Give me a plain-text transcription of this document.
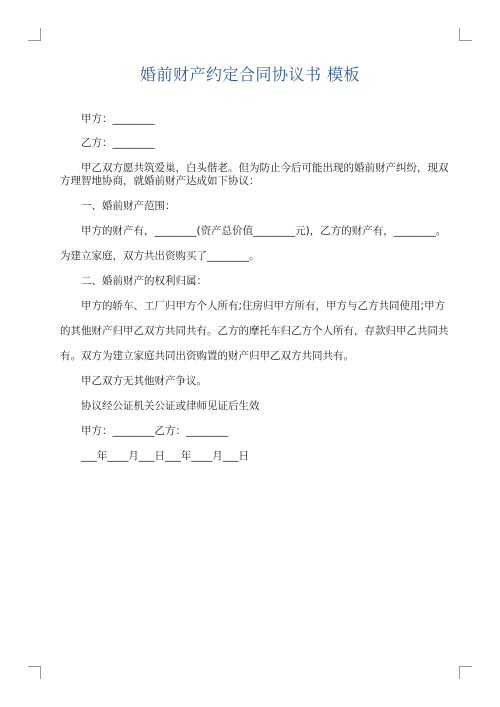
婚前财产约定合同协议书 模板
甲方：________
乙方：________
甲乙双方愿共筑爱巢，白头偕老。但为防止今后可能出现的婚前财产纠纷，现双
方理智地协商，就婚前财产达成如下协议：
一、婚前财产范围：
甲方的财产有，________(资产总价值________元)，乙方的财产有，________。
为建立家庭，双方共出资购买了________。
二、婚前财产的权利归属：
甲方的轿车、工厂归甲方个人所有;住房归甲方所有，甲方与乙方共同使用;甲方
的其他财产归甲乙双方共同共有。乙方的摩托车归乙方个人所有，存款归甲乙共同共
有。双方为建立家庭共同出资购置的财产归甲乙双方共同共有。
甲乙双方无其他财产争议。
协议经公证机关公证或律师见证后生效
甲方：________乙方：________
___年____月___日___年____月___日
